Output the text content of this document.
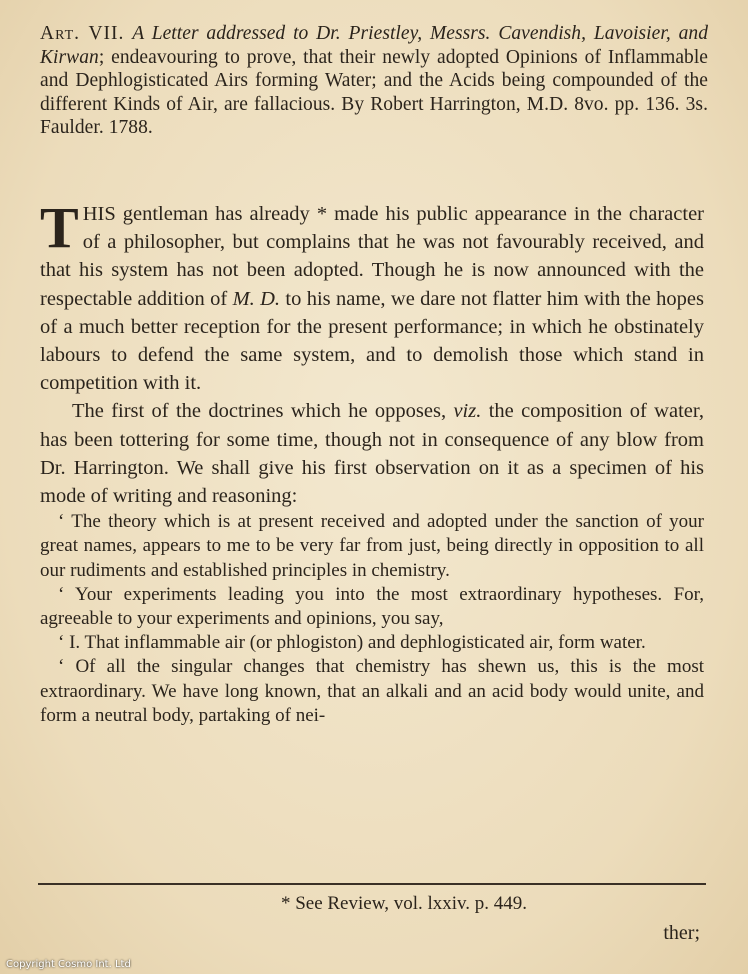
Art. VII. A Letter addressed to Dr. Priestley, Messrs. Cavendish, Lavoisier, and Kirwan; endeavouring to prove, that their newly adopted Opinions of Inflammable and Dephlogisticated Airs forming Water; and the Acids being compounded of the different Kinds of Air, are fallacious. By Robert Harrington, M.D. 8vo. pp. 136. 3s. Faulder. 1788.

THIS gentleman has already * made his public appearance in the character of a philosopher, but complains that he was not favourably received, and that his system has not been adopted. Though he is now announced with the respectable addition of M. D. to his name, we dare not flatter him with the hopes of a much better reception for the present performance; in which he obstinately labours to defend the same system, and to demolish those which stand in competition with it.

The first of the doctrines which he opposes, viz. the composition of water, has been tottering for some time, though not in consequence of any blow from Dr. Harrington. We shall give his first observation on it as a specimen of his mode of writing and reasoning:

‘ The theory which is at present received and adopted under the sanction of your great names, appears to me to be very far from just, being directly in opposition to all our rudiments and established principles in chemistry.

‘ Your experiments leading you into the most extraordinary hypotheses. For, agreeable to your experiments and opinions, you say,

‘ I. That inflammable air (or phlogiston) and dephlogisticated air, form water.

‘ Of all the singular changes that chemistry has shewn us, this is the most extraordinary. We have long known, that an alkali and an acid body would unite, and form a neutral body, partaking of nei-

* See Review, vol. lxxiv. p. 449.
ther;
Copyright Cosmo Int. Ltd
